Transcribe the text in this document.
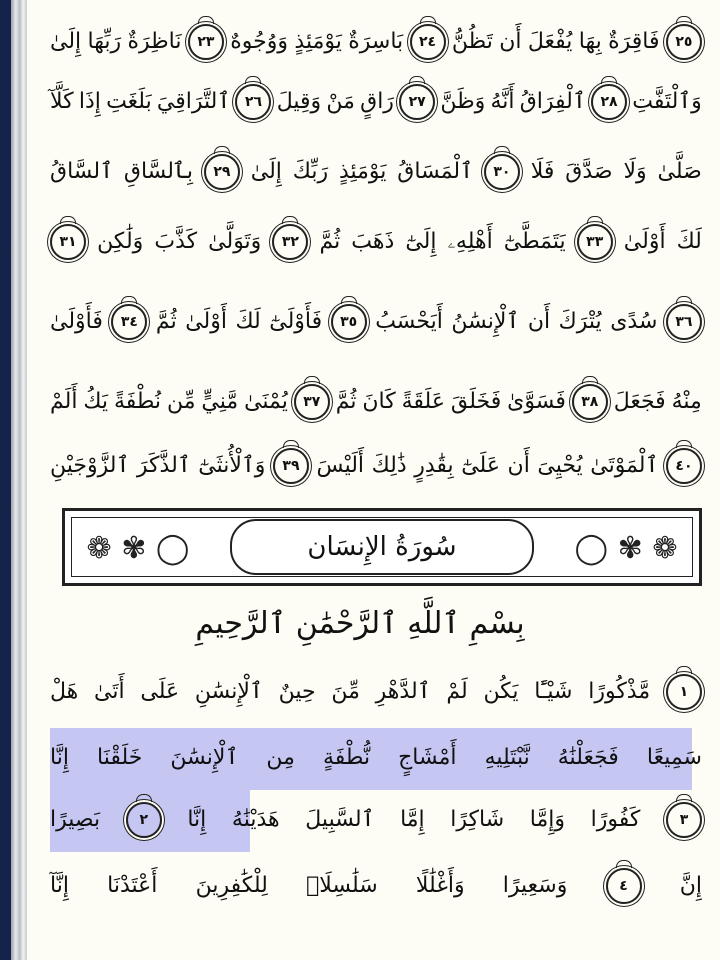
إِلَىٰ رَبِّهَا نَاظِرَةٌ	٢٣ وَوُجُوهٌ يَوْمَئِذٍ بَاسِرَةٌ	٢٤ تَظُنُّ أَن يُفْعَلَ بِهَا فَاقِرَةٌ	٢٥
كَلَّآ إِذَا بَلَغَتِ ٱلتَّرَاقِيَ	٢٦ وَقِيلَ مَنْ رَاقٍ	٢٧ وَظَنَّ أَنَّهُ ٱلْفِرَاقُ	٢٨ وَٱلْتَفَّتِ
ٱلسَّاقُ بِٱلسَّاقِ	٢٩ إِلَىٰ رَبِّكَ يَوْمَئِذٍ ٱلْمَسَاقُ	٣٠ فَلَا صَدَّقَ وَلَا صَلَّىٰ
٣١ وَلَٰكِن كَذَّبَ وَتَوَلَّىٰ	٣٢ ثُمَّ ذَهَبَ إِلَىٰٓ أَهْلِهِۦ يَتَمَطَّىٰٓ	٣٣ أَوْلَىٰ لَكَ
فَأَوْلَىٰ	٣٤ ثُمَّ أَوْلَىٰ لَكَ فَأَوْلَىٰٓ	٣٥ أَيَحْسَبُ ٱلْإِنسَٰنُ أَن يُتْرَكَ سُدًى	٣٦
أَلَمْ يَكُ نُطْفَةً مِّن مَّنِيٍّ يُمْنَىٰ	٣٧ ثُمَّ كَانَ عَلَقَةً فَخَلَقَ فَسَوَّىٰ	٣٨ فَجَعَلَ مِنْهُ
ٱلزَّوْجَيْنِ ٱلذَّكَرَ وَٱلْأُنثَىٰٓ	٣٩ أَلَيْسَ ذَٰلِكَ بِقَٰدِرٍ عَلَىٰٓ أَن يُحْيِىَ ٱلْمَوْتَىٰ	٤٠
هَلْ أَتَىٰ عَلَى ٱلْإِنسَٰنِ حِينٌ مِّنَ ٱلدَّهْرِ لَمْ يَكُن شَيْـًٔا مَّذْكُورًا	١
إِنَّا خَلَقْنَا ٱلْإِنسَٰنَ مِن نُّطْفَةٍ أَمْشَاجٍ نَّبْتَلِيهِ فَجَعَلْنَٰهُ سَمِيعًا
بَصِيرًا	٢	إِنَّا هَدَيْنَٰهُ ٱلسَّبِيلَ إِمَّا شَاكِرًا وَإِمَّا كَفُورًا	٣
إِنَّآ أَعْتَدْنَا لِلْكَٰفِرِينَ سَلَٰسِلَا۟ وَأَغْلَٰلًا وَسَعِيرًا	٤	إِنَّ
❁ ✾ ◯	◯ ✾ ❁
سُورَةُ الإِنسَان
بِسْمِ ٱللَّهِ ٱلرَّحْمَٰنِ ٱلرَّحِيمِ
